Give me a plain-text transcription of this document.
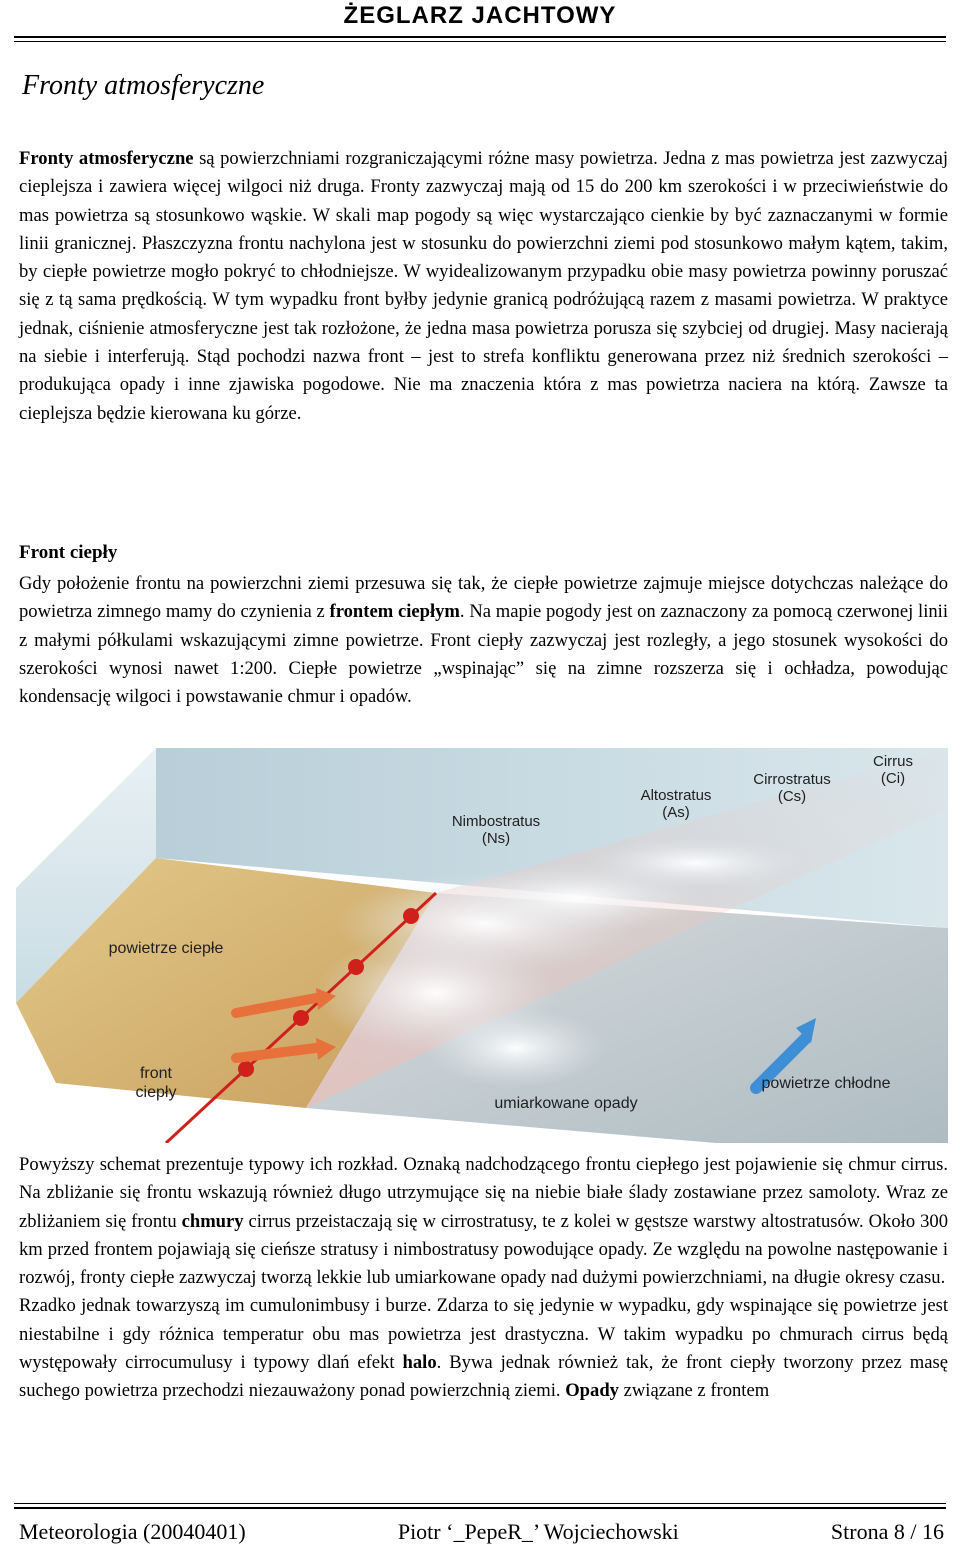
ŻEGLARZ JACHTOWY
Fronty atmosferyczne

Fronty atmosferyczne są powierzchniami rozgraniczającymi różne masy powietrza. Jedna z mas powietrza jest zazwyczaj cieplejsza i zawiera więcej wilgoci niż druga. Fronty zazwyczaj mają od 15 do 200 km szerokości i w przeciwieństwie do mas powietrza są stosunkowo wąskie. W skali map pogody są więc wystarczająco cienkie by być zaznaczanymi w formie linii granicznej. Płaszczyzna frontu nachylona jest w stosunku do powierzchni ziemi pod stosunkowo małym kątem, takim, by ciepłe powietrze mogło pokryć to chłodniejsze. W wyidealizowanym przypadku obie masy powietrza powinny poruszać się z tą sama prędkością. W tym wypadku front byłby jedynie granicą podróżującą razem z masami powietrza. W praktyce jednak, ciśnienie atmosferyczne jest tak rozłożone, że jedna masa powietrza porusza się szybciej od drugiej. Masy nacierają na siebie i interferują. Stąd pochodzi nazwa front – jest to strefa konfliktu generowana przez niż średnich szerokości – produkująca opady i inne zjawiska pogodowe. Nie ma znaczenia która z mas powietrza naciera na którą. Zawsze ta cieplejsza będzie kierowana ku górze.

Front ciepły

Gdy położenie frontu na powierzchni ziemi przesuwa się tak, że ciepłe powietrze zajmuje miejsce dotychczas należące do powietrza zimnego mamy do czynienia z frontem ciepłym. Na mapie pogody jest on zaznaczony za pomocą czerwonej linii z małymi półkulami wskazującymi zimne powietrze. Front ciepły zazwyczaj jest rozległy, a jego stosunek wysokości do szerokości wynosi nawet 1:200. Ciepłe powietrze „wspinając” się na zimne rozszerza się i ochładza, powodując kondensację wilgoci i powstawanie chmur i opadów.

Nimbostratus
(Ns)
Altostratus
(As)
Cirrostratus
(Cs)
Cirrus
(Ci)
powietrze ciepłe
powietrze chłodne
front
ciepły
umiarkowane opady

Powyższy schemat prezentuje typowy ich rozkład. Oznaką nadchodzącego frontu ciepłego jest pojawienie się chmur cirrus. Na zbliżanie się frontu wskazują również długo utrzymujące się na niebie białe ślady zostawiane przez samoloty. Wraz ze zbliżaniem się frontu chmury cirrus przeistaczają się w cirrostratusy, te z kolei w gęstsze warstwy altostratusów. Około 300 km przed frontem pojawiają się cieńsze stratusy i nimbostratusy powodujące opady. Ze względu na powolne następowanie i rozwój, fronty ciepłe zazwyczaj tworzą lekkie lub umiarkowane opady nad dużymi powierzchniami, na długie okresy czasu.
Rzadko jednak towarzyszą im cumulonimbusy i burze. Zdarza to się jedynie w wypadku, gdy wspinające się powietrze jest niestabilne i gdy różnica temperatur obu mas powietrza jest drastyczna. W takim wypadku po chmurach cirrus będą występowały cirrocumulusy i typowy dlań efekt halo. Bywa jednak również tak, że front ciepły tworzony przez masę suchego powietrza przechodzi niezauważony ponad powierzchnią ziemi. Opady związane z frontem

Meteorologia (20040401)	Piotr ‘_PepeR_’ Wojciechowski	Strona 8 / 16
